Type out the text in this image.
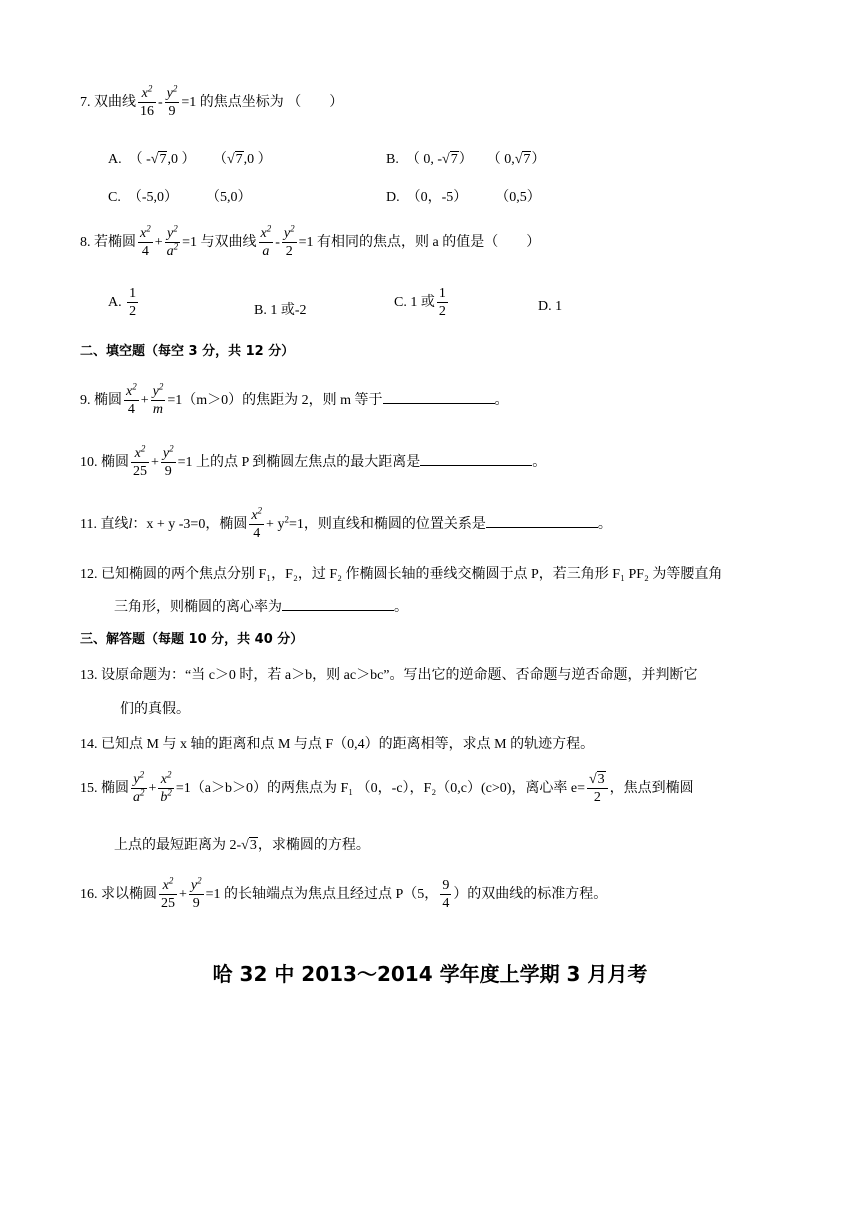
7. 双曲线 $\frac{x^2}{16} - \frac{y^2}{9} =1$ 的焦点坐标为 （　　）
A. （ -√7,0 ） （√7,0 ）	B. （ 0, -√7） （ 0,√7）
C.  （-5,0）        （5,0）	D.  （0，-5）        （0,5）
8. 若椭圆 $\frac{x^2}{4} + \frac{y^2}{a^2} =1$ 与双曲线 $\frac{x^2}{a} - \frac{y^2}{2} =1$ 有相同的焦点，则 a 的值是（　　）
A. $\frac{1}{2}$	B. 1 或-2
C. 1 或 $\frac{1}{2}$	D. 1
二、填空题（每空 3 分，共 12 分）
9. 椭圆 $\frac{x^2}{4} + \frac{y^2}{m} =1(m>0)$的焦距为 2，则 m 等于	。
10. 椭圆 $\frac{x^2}{25} + \frac{y^2}{9} =1$ 上的点 P 到椭圆左焦点的最大距离是	。
11. 直线l：x + y -3=0，椭圆 $\frac{x^2}{4} + y^2=1$，则直线和椭圆的位置关系是	。
12. 已知椭圆的两个焦点分别 F₁，F₂，过 F₂ 作椭圆长轴的垂线交椭圆于点 P，若三角形 F₁ PF₂ 为等腰直角
三角形，则椭圆的离心率为	。
三、解答题（每题 10 分，共 40 分）
13. 设原命题为：“当 c＞0 时，若 a＞b，则 ac＞bc”。写出它的逆命题、否命题与逆否命题，并判断它
们的真假。
14. 已知点 M 与 x 轴的距离和点 M 与点 F（0,4）的距离相等，求点 M 的轨迹方程。
15. 椭圆 $\frac{y^2}{a^2} + \frac{x^2}{b^2} =1(a>b>0)$的两焦点为 F₁ （0，-c），F₂（0,c）(c>0)，离心率 $e= \frac{√3}{2}$ ，焦点到椭圆
上点的最短距离为 2-√3，求椭圆的方程。
16. 求以椭圆 $\frac{x^2}{25} + \frac{y^2}{9} =1$ 的长轴端点为焦点且经过点 P（5， $\frac{9}{4}$ ）的双曲线的标准方程。
哈 32 中 2013～2014 学年度上学期 3 月月考
